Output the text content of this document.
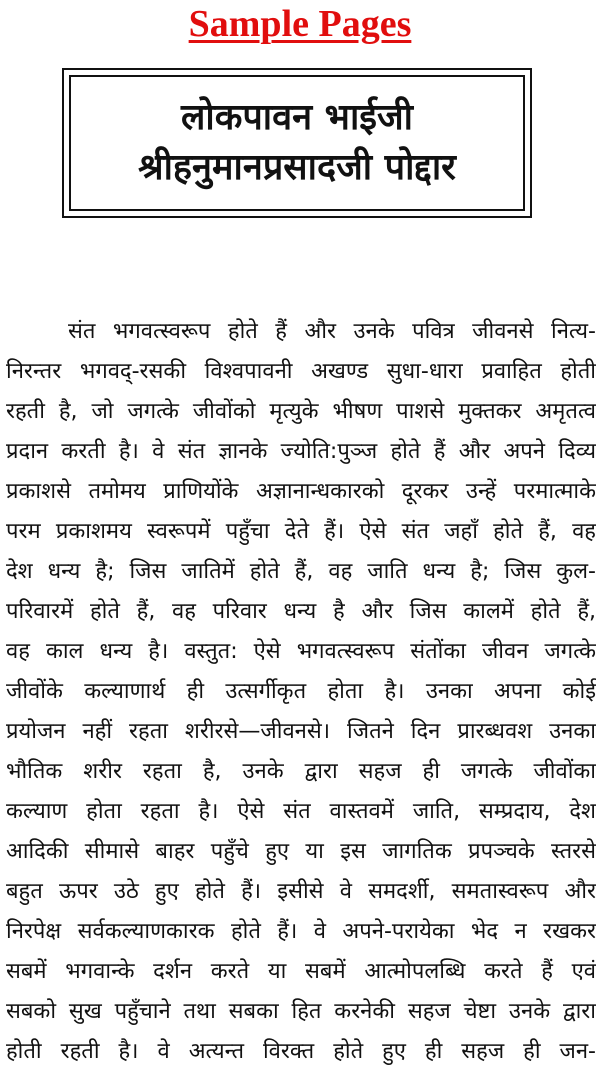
Sample Pages
लोकपावन भाईजी
श्रीहनुमानप्रसादजी पोद्दार
संत भगवत्स्वरूप होते हैं और उनके पवित्र जीवनसे नित्य-
निरन्तर भगवद्-रसकी विश्वपावनी अखण्ड सुधा-धारा प्रवाहित होती
रहती है, जो जगत्के जीवोंको मृत्युके भीषण पाशसे मुक्तकर अमृतत्व
प्रदान करती है। वे संत ज्ञानके ज्योति:पुञ्ज होते हैं और अपने दिव्य
प्रकाशसे तमोमय प्राणियोंके अज्ञानान्धकारको दूरकर उन्हें परमात्माके
परम प्रकाशमय स्वरूपमें पहुँचा देते हैं। ऐसे संत जहाँ होते हैं, वह
देश धन्य है; जिस जातिमें होते हैं, वह जाति धन्य है; जिस कुल-
परिवारमें होते हैं, वह परिवार धन्य है और जिस कालमें होते हैं,
वह काल धन्य है। वस्तुत: ऐसे भगवत्स्वरूप संतोंका जीवन जगत्के
जीवोंके कल्याणार्थ ही उत्सर्गीकृत होता है। उनका अपना कोई
प्रयोजन नहीं रहता शरीरसे—जीवनसे। जितने दिन प्रारब्धवश उनका
भौतिक शरीर रहता है, उनके द्वारा सहज ही जगत्के जीवोंका
कल्याण होता रहता है। ऐसे संत वास्तवमें जाति, सम्प्रदाय, देश
आदिकी सीमासे बाहर पहुँचे हुए या इस जागतिक प्रपञ्चके स्तरसे
बहुत ऊपर उठे हुए होते हैं। इसीसे वे समदर्शी, समतास्वरूप और
निरपेक्ष सर्वकल्याणकारक होते हैं। वे अपने-परायेका भेद न रखकर
सबमें भगवान्के दर्शन करते या सबमें आत्मोपलब्धि करते हैं एवं
सबको सुख पहुँचाने तथा सबका हित करनेकी सहज चेष्टा उनके द्वारा
होती रहती है। वे अत्यन्त विरक्त होते हुए ही सहज ही जन-
